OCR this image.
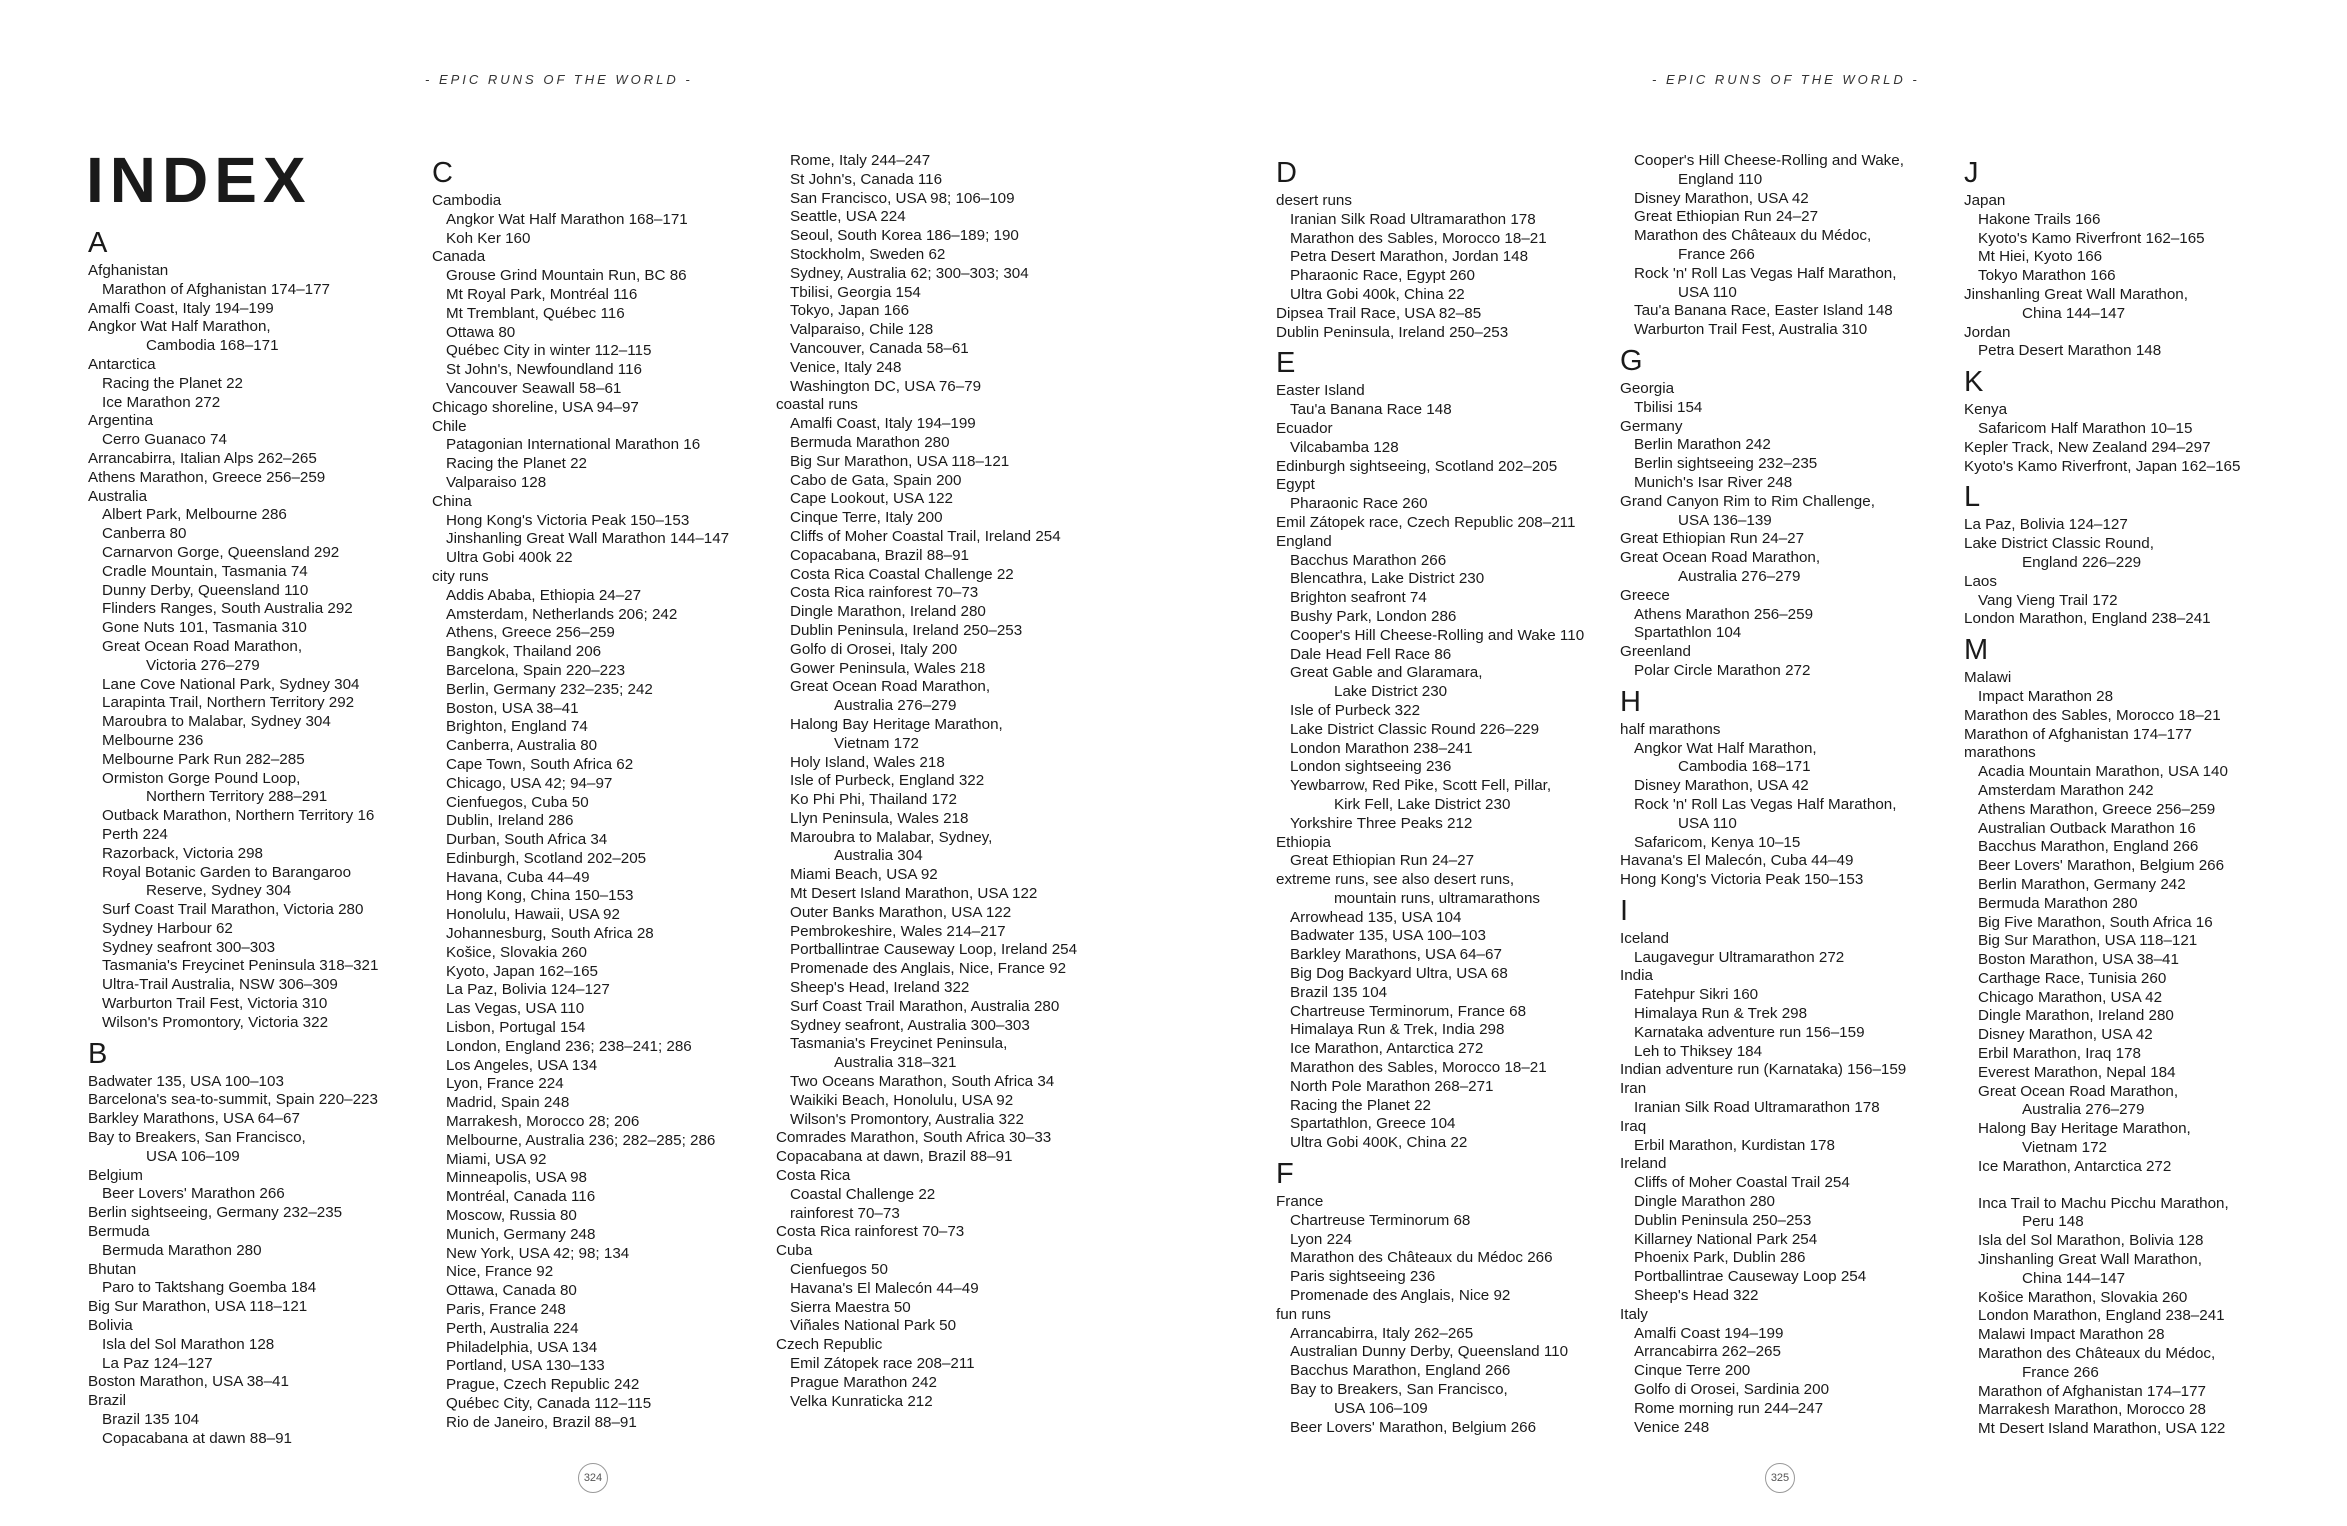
- EPIC RUNS OF THE WORLD -	- EPIC RUNS OF THE WORLD -
INDEX
A
Afghanistan
Marathon of Afghanistan 174–177
Amalfi Coast, Italy 194–199
Angkor Wat Half Marathon,
Cambodia 168–171
Antarctica
Racing the Planet 22
Ice Marathon 272
Argentina
Cerro Guanaco 74
Arrancabirra, Italian Alps 262–265
Athens Marathon, Greece 256–259
Australia
Albert Park, Melbourne 286
Canberra 80
Carnarvon Gorge, Queensland 292
Cradle Mountain, Tasmania 74
Dunny Derby, Queensland 110
Flinders Ranges, South Australia 292
Gone Nuts 101, Tasmania 310
Great Ocean Road Marathon,
Victoria 276–279
Lane Cove National Park, Sydney 304
Larapinta Trail, Northern Territory 292
Maroubra to Malabar, Sydney 304
Melbourne 236
Melbourne Park Run 282–285
Ormiston Gorge Pound Loop,
Northern Territory 288–291
Outback Marathon, Northern Territory 16
Perth 224
Razorback, Victoria 298
Royal Botanic Garden to Barangaroo
Reserve, Sydney 304
Surf Coast Trail Marathon, Victoria 280
Sydney Harbour 62
Sydney seafront 300–303
Tasmania's Freycinet Peninsula 318–321
Ultra-Trail Australia, NSW 306–309
Warburton Trail Fest, Victoria 310
Wilson's Promontory, Victoria 322
B
Badwater 135, USA 100–103
Barcelona's sea-to-summit, Spain 220–223
Barkley Marathons, USA 64–67
Bay to Breakers, San Francisco,
USA 106–109
Belgium
Beer Lovers' Marathon 266
Berlin sightseeing, Germany 232–235
Bermuda
Bermuda Marathon 280
Bhutan
Paro to Taktshang Goemba 184
Big Sur Marathon, USA 118–121
Bolivia
Isla del Sol Marathon 128
La Paz 124–127
Boston Marathon, USA 38–41
Brazil
Brazil 135 104
Copacabana at dawn 88–91
C
Cambodia
Angkor Wat Half Marathon 168–171
Koh Ker 160
Canada
Grouse Grind Mountain Run, BC 86
Mt Royal Park, Montréal 116
Mt Tremblant, Québec 116
Ottawa 80
Québec City in winter 112–115
St John's, Newfoundland 116
Vancouver Seawall 58–61
Chicago shoreline, USA 94–97
Chile
Patagonian International Marathon 16
Racing the Planet 22
Valparaiso 128
China
Hong Kong's Victoria Peak 150–153
Jinshanling Great Wall Marathon 144–147
Ultra Gobi 400k 22
city runs
Addis Ababa, Ethiopia 24–27
Amsterdam, Netherlands 206; 242
Athens, Greece 256–259
Bangkok, Thailand 206
Barcelona, Spain 220–223
Berlin, Germany 232–235; 242
Boston, USA 38–41
Brighton, England 74
Canberra, Australia 80
Cape Town, South Africa 62
Chicago, USA 42; 94–97
Cienfuegos, Cuba 50
Dublin, Ireland 286
Durban, South Africa 34
Edinburgh, Scotland 202–205
Havana, Cuba 44–49
Hong Kong, China 150–153
Honolulu, Hawaii, USA 92
Johannesburg, South Africa 28
Košice, Slovakia 260
Kyoto, Japan 162–165
La Paz, Bolivia 124–127
Las Vegas, USA 110
Lisbon, Portugal 154
London, England 236; 238–241; 286
Los Angeles, USA 134
Lyon, France 224
Madrid, Spain 248
Marrakesh, Morocco 28; 206
Melbourne, Australia 236; 282–285; 286
Miami, USA 92
Minneapolis, USA 98
Montréal, Canada 116
Moscow, Russia 80
Munich, Germany 248
New York, USA 42; 98; 134
Nice, France 92
Ottawa, Canada 80
Paris, France 248
Perth, Australia 224
Philadelphia, USA 134
Portland, USA 130–133
Prague, Czech Republic 242
Québec City, Canada 112–115
Rio de Janeiro, Brazil 88–91
Rome, Italy 244–247
St John's, Canada 116
San Francisco, USA 98; 106–109
Seattle, USA 224
Seoul, South Korea 186–189; 190
Stockholm, Sweden 62
Sydney, Australia 62; 300–303; 304
Tbilisi, Georgia 154
Tokyo, Japan 166
Valparaiso, Chile 128
Vancouver, Canada 58–61
Venice, Italy 248
Washington DC, USA 76–79
coastal runs
Amalfi Coast, Italy 194–199
Bermuda Marathon 280
Big Sur Marathon, USA 118–121
Cabo de Gata, Spain 200
Cape Lookout, USA 122
Cinque Terre, Italy 200
Cliffs of Moher Coastal Trail, Ireland 254
Copacabana, Brazil 88–91
Costa Rica Coastal Challenge 22
Costa Rica rainforest 70–73
Dingle Marathon, Ireland 280
Dublin Peninsula, Ireland 250–253
Golfo di Orosei, Italy 200
Gower Peninsula, Wales 218
Great Ocean Road Marathon,
Australia 276–279
Halong Bay Heritage Marathon,
Vietnam 172
Holy Island, Wales 218
Isle of Purbeck, England 322
Ko Phi Phi, Thailand 172
Llyn Peninsula, Wales 218
Maroubra to Malabar, Sydney,
Australia 304
Miami Beach, USA 92
Mt Desert Island Marathon, USA 122
Outer Banks Marathon, USA 122
Pembrokeshire, Wales 214–217
Portballintrae Causeway Loop, Ireland 254
Promenade des Anglais, Nice, France 92
Sheep's Head, Ireland 322
Surf Coast Trail Marathon, Australia 280
Sydney seafront, Australia 300–303
Tasmania's Freycinet Peninsula,
Australia 318–321
Two Oceans Marathon, South Africa 34
Waikiki Beach, Honolulu, USA 92
Wilson's Promontory, Australia 322
Comrades Marathon, South Africa 30–33
Copacabana at dawn, Brazil 88–91
Costa Rica
Coastal Challenge 22
rainforest 70–73
Costa Rica rainforest 70–73
Cuba
Cienfuegos 50
Havana's El Malecón 44–49
Sierra Maestra 50
Viñales National Park 50
Czech Republic
Emil Zátopek race 208–211
Prague Marathon 242
Velka Kunraticka 212
D
desert runs
Iranian Silk Road Ultramarathon 178
Marathon des Sables, Morocco 18–21
Petra Desert Marathon, Jordan 148
Pharaonic Race, Egypt 260
Ultra Gobi 400k, China 22
Dipsea Trail Race, USA 82–85
Dublin Peninsula, Ireland 250–253
E
Easter Island
Tau'a Banana Race 148
Ecuador
Vilcabamba 128
Edinburgh sightseeing, Scotland 202–205
Egypt
Pharaonic Race 260
Emil Zátopek race, Czech Republic 208–211
England
Bacchus Marathon 266
Blencathra, Lake District 230
Brighton seafront 74
Bushy Park, London 286
Cooper's Hill Cheese-Rolling and Wake 110
Dale Head Fell Race 86
Great Gable and Glaramara,
Lake District 230
Isle of Purbeck 322
Lake District Classic Round 226–229
London Marathon 238–241
London sightseeing 236
Yewbarrow, Red Pike, Scott Fell, Pillar,
Kirk Fell, Lake District 230
Yorkshire Three Peaks 212
Ethiopia
Great Ethiopian Run 24–27
extreme runs, see also desert runs,
mountain runs, ultramarathons
Arrowhead 135, USA 104
Badwater 135, USA 100–103
Barkley Marathons, USA 64–67
Big Dog Backyard Ultra, USA 68
Brazil 135 104
Chartreuse Terminorum, France 68
Himalaya Run & Trek, India 298
Ice Marathon, Antarctica 272
Marathon des Sables, Morocco 18–21
North Pole Marathon 268–271
Racing the Planet 22
Spartathlon, Greece 104
Ultra Gobi 400K, China 22
F
France
Chartreuse Terminorum 68
Lyon 224
Marathon des Châteaux du Médoc 266
Paris sightseeing 236
Promenade des Anglais, Nice 92
fun runs
Arrancabirra, Italy 262–265
Australian Dunny Derby, Queensland 110
Bacchus Marathon, England 266
Bay to Breakers, San Francisco,
USA 106–109
Beer Lovers' Marathon, Belgium 266
Cooper's Hill Cheese-Rolling and Wake,
England 110
Disney Marathon, USA 42
Great Ethiopian Run 24–27
Marathon des Châteaux du Médoc,
France 266
Rock 'n' Roll Las Vegas Half Marathon,
USA 110
Tau'a Banana Race, Easter Island 148
Warburton Trail Fest, Australia 310
G
Georgia
Tbilisi 154
Germany
Berlin Marathon 242
Berlin sightseeing 232–235
Munich's Isar River 248
Grand Canyon Rim to Rim Challenge,
USA 136–139
Great Ethiopian Run 24–27
Great Ocean Road Marathon,
Australia 276–279
Greece
Athens Marathon 256–259
Spartathlon 104
Greenland
Polar Circle Marathon 272
H
half marathons
Angkor Wat Half Marathon,
Cambodia 168–171
Disney Marathon, USA 42
Rock 'n' Roll Las Vegas Half Marathon,
USA 110
Safaricom, Kenya 10–15
Havana's El Malecón, Cuba 44–49
Hong Kong's Victoria Peak 150–153
I
Iceland
Laugavegur Ultramarathon 272
India
Fatehpur Sikri 160
Himalaya Run & Trek 298
Karnataka adventure run 156–159
Leh to Thiksey 184
Indian adventure run (Karnataka) 156–159
Iran
Iranian Silk Road Ultramarathon 178
Iraq
Erbil Marathon, Kurdistan 178
Ireland
Cliffs of Moher Coastal Trail 254
Dingle Marathon 280
Dublin Peninsula 250–253
Killarney National Park 254
Phoenix Park, Dublin 286
Portballintrae Causeway Loop 254
Sheep's Head 322
Italy
Amalfi Coast 194–199
Arrancabirra 262–265
Cinque Terre 200
Golfo di Orosei, Sardinia 200
Rome morning run 244–247
Venice 248
J
Japan
Hakone Trails 166
Kyoto's Kamo Riverfront 162–165
Mt Hiei, Kyoto 166
Tokyo Marathon 166
Jinshanling Great Wall Marathon,
China 144–147
Jordan
Petra Desert Marathon 148
K
Kenya
Safaricom Half Marathon 10–15
Kepler Track, New Zealand 294–297
Kyoto's Kamo Riverfront, Japan 162–165
L
La Paz, Bolivia 124–127
Lake District Classic Round,
England 226–229
Laos
Vang Vieng Trail 172
London Marathon, England 238–241
M
Malawi
Impact Marathon 28
Marathon des Sables, Morocco 18–21
Marathon of Afghanistan 174–177
marathons
Acadia Mountain Marathon, USA 140
Amsterdam Marathon 242
Athens Marathon, Greece 256–259
Australian Outback Marathon 16
Bacchus Marathon, England 266
Beer Lovers' Marathon, Belgium 266
Berlin Marathon, Germany 242
Bermuda Marathon 280
Big Five Marathon, South Africa 16
Big Sur Marathon, USA 118–121
Boston Marathon, USA 38–41
Carthage Race, Tunisia 260
Chicago Marathon, USA 42
Dingle Marathon, Ireland 280
Disney Marathon, USA 42
Erbil Marathon, Iraq 178
Everest Marathon, Nepal 184
Great Ocean Road Marathon,
Australia 276–279
Halong Bay Heritage Marathon,
Vietnam 172
Ice Marathon, Antarctica 272
Inca Trail to Machu Picchu Marathon,
Peru 148
Isla del Sol Marathon, Bolivia 128
Jinshanling Great Wall Marathon,
China 144–147
Košice Marathon, Slovakia 260
London Marathon, England 238–241
Malawi Impact Marathon 28
Marathon des Châteaux du Médoc,
France 266
Marathon of Afghanistan 174–177
Marrakesh Marathon, Morocco 28
Mt Desert Island Marathon, USA 122
324	325
